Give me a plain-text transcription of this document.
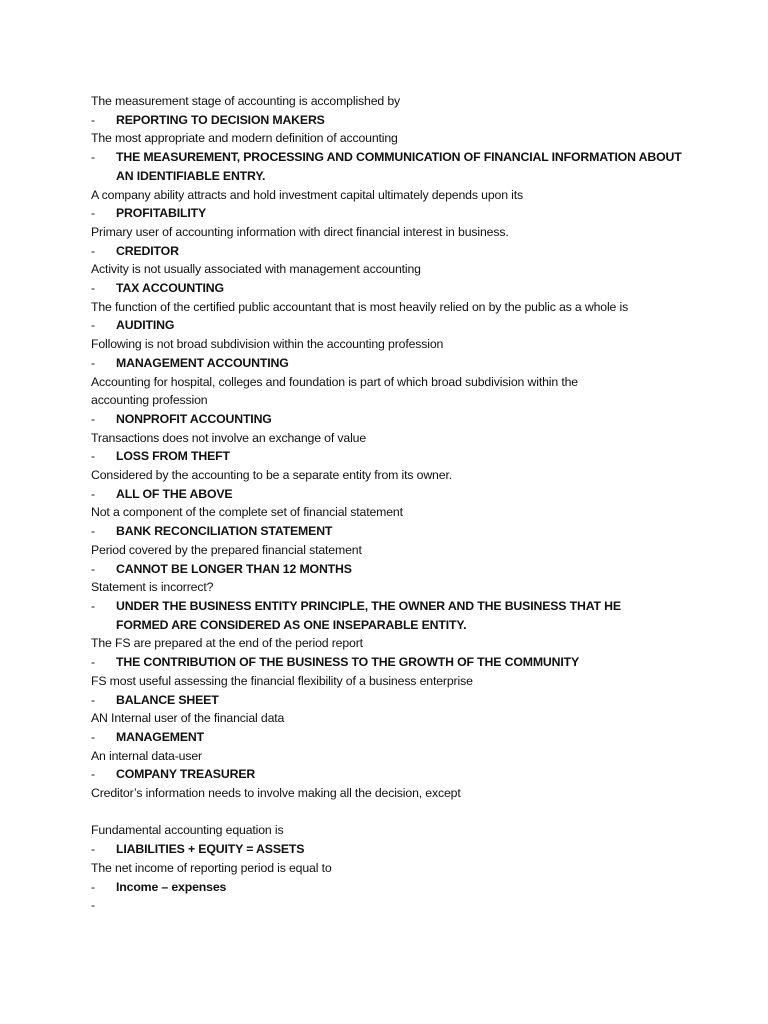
The measurement stage of accounting is accomplished by
- REPORTING TO DECISION MAKERS
The most appropriate and modern definition of accounting
- THE MEASUREMENT, PROCESSING AND COMMUNICATION OF FINANCIAL INFORMATION ABOUT AN IDENTIFIABLE ENTRY.
A company ability attracts and hold investment capital ultimately depends upon its
- PROFITABILITY
Primary user of accounting information with direct financial interest in business.
- CREDITOR
Activity is not usually associated with management accounting
- TAX ACCOUNTING
The function of the certified public accountant that is most heavily relied on by the public as a whole is
- AUDITING
Following is not broad subdivision within the accounting profession
- MANAGEMENT ACCOUNTING
Accounting for hospital, colleges and foundation is part of which broad subdivision within the accounting profession
- NONPROFIT ACCOUNTING
Transactions does not involve an exchange of value
- LOSS FROM THEFT
Considered by the accounting to be a separate entity from its owner.
- ALL OF THE ABOVE
Not a component of the complete set of financial statement
- BANK RECONCILIATION STATEMENT
Period covered by the prepared financial statement
- CANNOT BE LONGER THAN 12 MONTHS
Statement is incorrect?
- UNDER THE BUSINESS ENTITY PRINCIPLE, THE OWNER AND THE BUSINESS THAT HE FORMED ARE CONSIDERED AS ONE INSEPARABLE ENTITY.
The FS are prepared at the end of the period report
- THE CONTRIBUTION OF THE BUSINESS TO THE GROWTH OF THE COMMUNITY
FS most useful assessing the financial flexibility of a business enterprise
- BALANCE SHEET
AN Internal user of the financial data
- MANAGEMENT
An internal data-user
- COMPANY TREASURER
Creditor’s information needs to involve making all the decision, except
Fundamental accounting equation is
- LIABILITIES + EQUITY = ASSETS
The net income of reporting period is equal to
- Income – expenses
-
